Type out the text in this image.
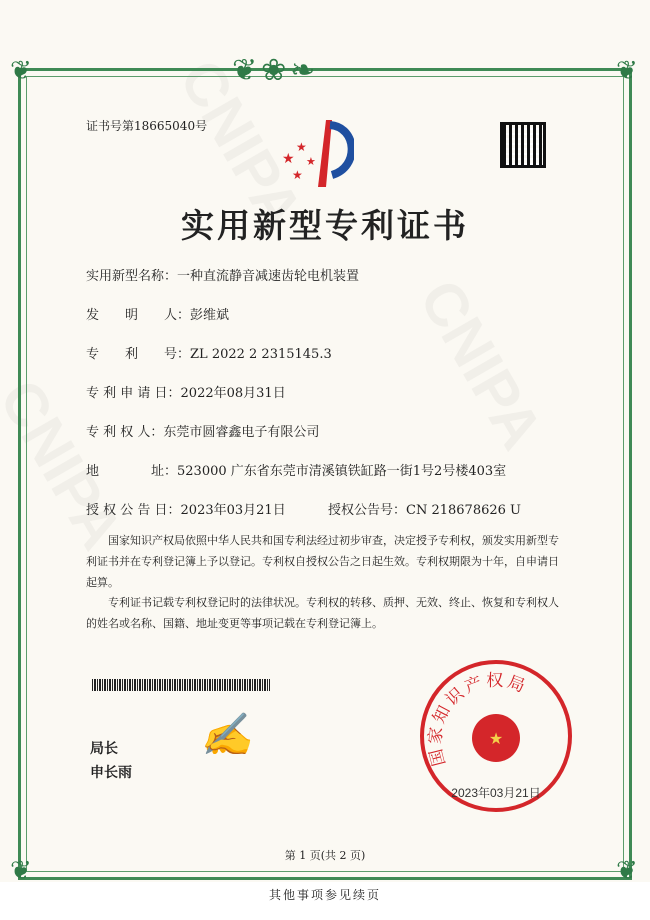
❦❀❧
❦	❦
❦	❦
证书号第18665040号
★
★
★
★
实用新型专利证书
实用新型名称：一种直流静音减速齿轮电机装置
发　　明　　人：彭维斌
专　　利　　号：ZL 2022 2 2315145.3
专 利 申 请 日：2022年08月31日
专 利 权 人：东莞市圆睿鑫电子有限公司
地　　　　址：523000 广东省东莞市清溪镇铁缸路一街1号2号楼403室
授 权 公 告 日：2023年03月21日	授权公告号：CN 218678626 U
国家知识产权局依照中华人民共和国专利法经过初步审查，决定授予专利权，颁发实用新型专利证书并在专利登记簿上予以登记。专利权自授权公告之日起生效。专利权期限为十年，自申请日起算。
专利证书记载专利权登记时的法律状况。专利权的转移、质押、无效、终止、恢复和专利权人的姓名或名称、国籍、地址变更等事项记载在专利登记簿上。
局长
申长雨
✍	国家知识产权局
★
2023年03月21日
第 1 页(共 2 页)
其他事项参见续页
